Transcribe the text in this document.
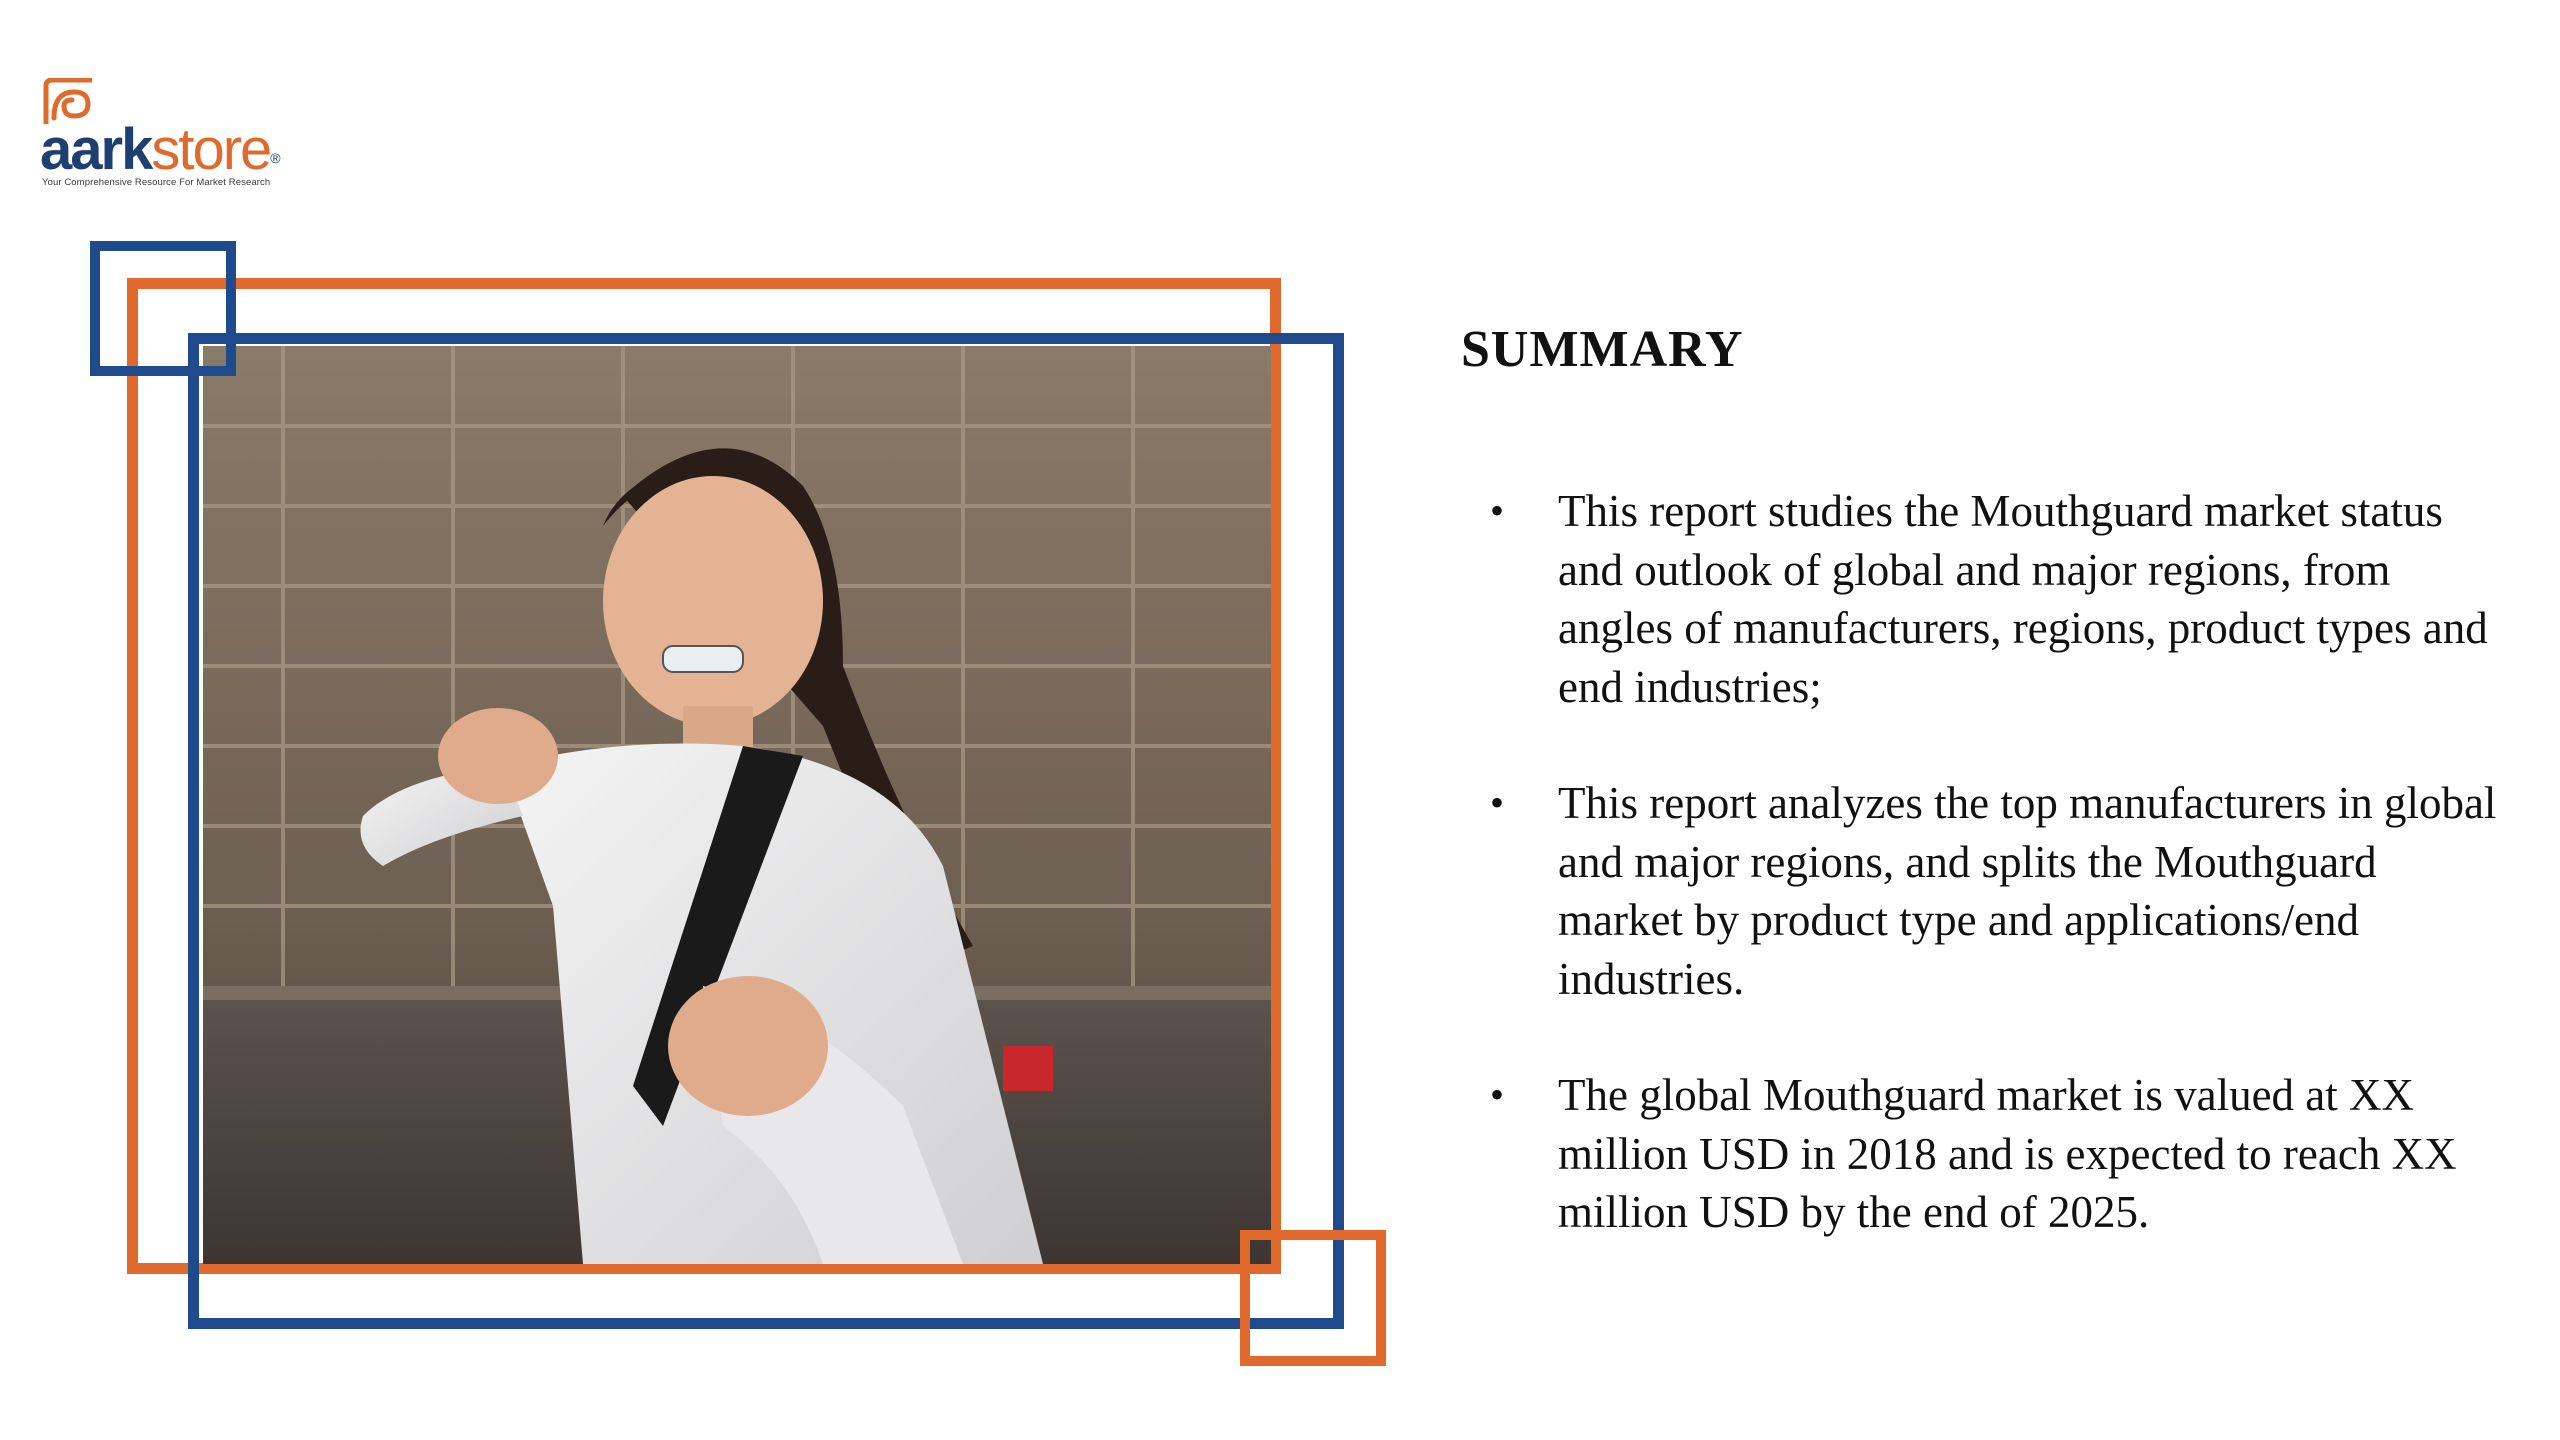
aarkstore®
Your Comprehensive Resource For Market Research
SUMMARY
•	This report studies the Mouthguard market status and outlook of global and major regions, from angles of manufacturers, regions, product types and end industries;
•	This report analyzes the top manufacturers in global and major regions, and splits the Mouthguard market by product type and applications/end industries.
•	The global Mouthguard market is valued at XX million USD in 2018 and is expected to reach XX million USD by the end of 2025.
